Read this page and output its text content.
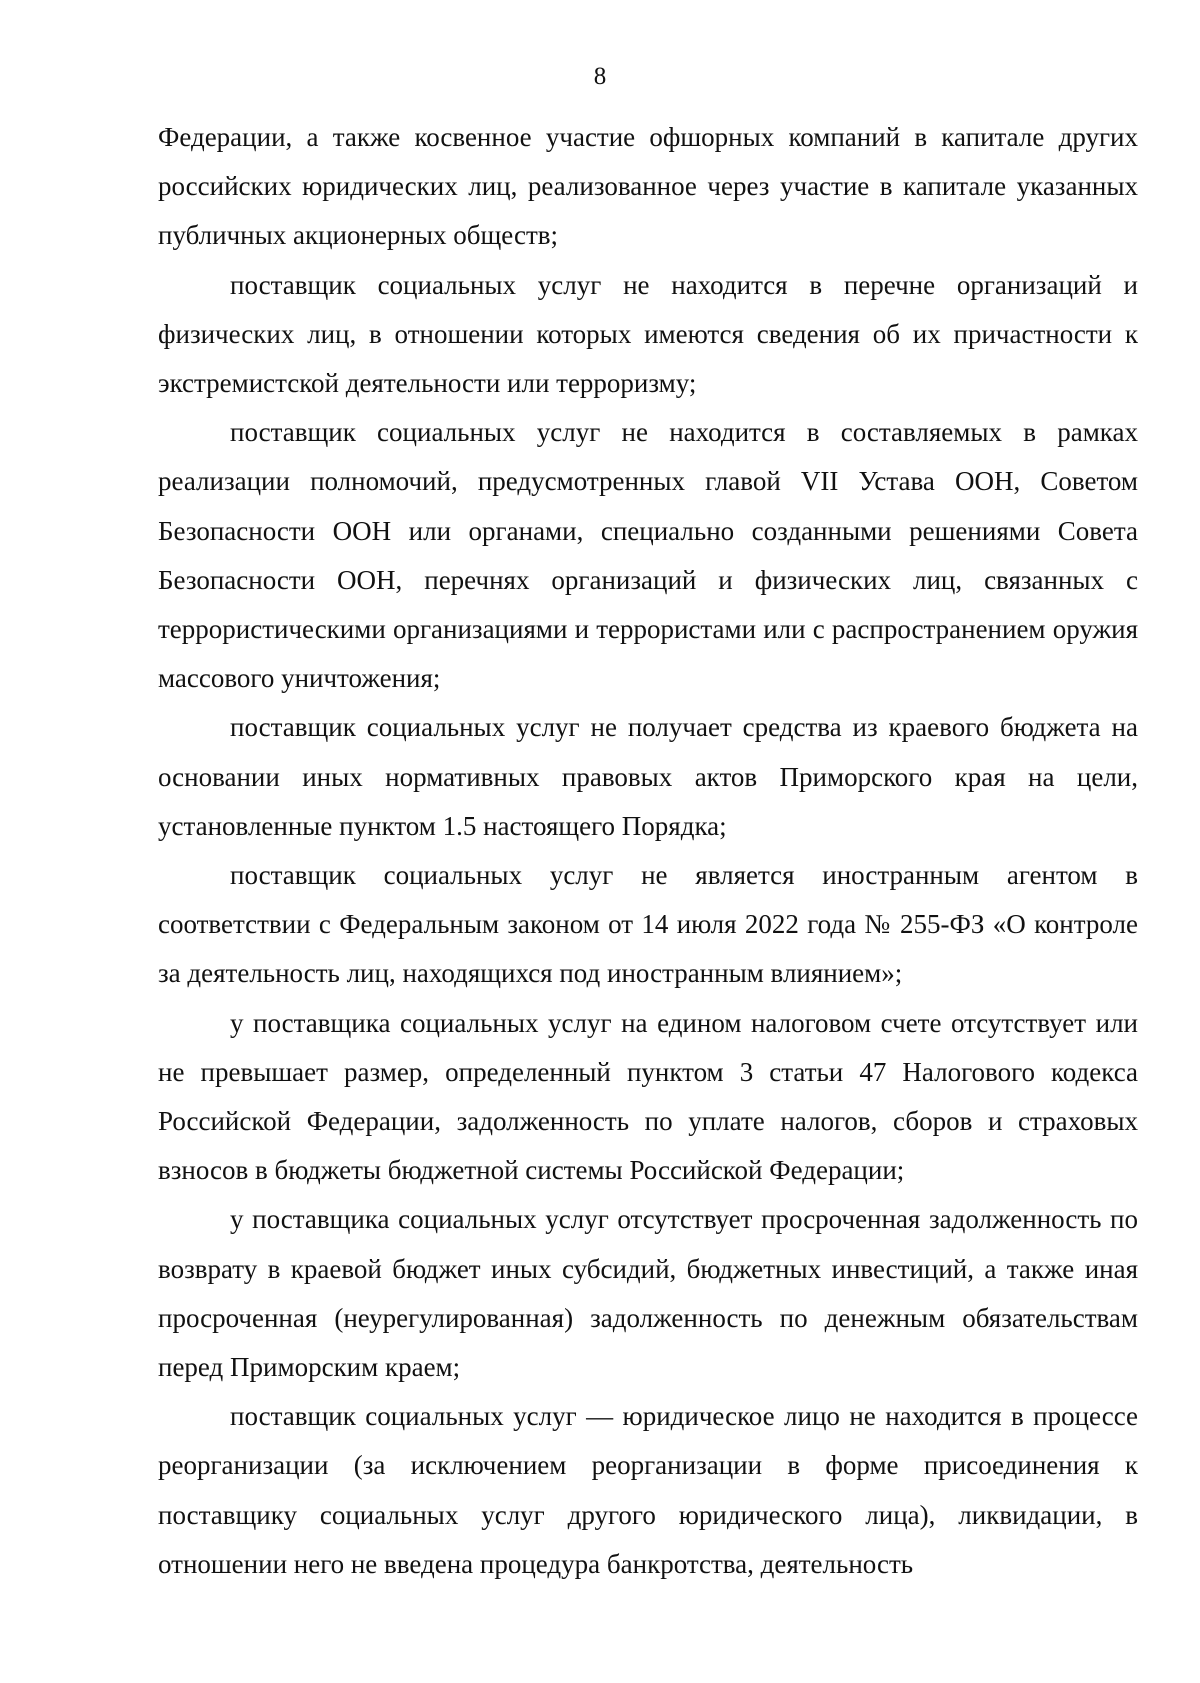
8

Федерации, а также косвенное участие офшорных компаний в капитале других российских юридических лиц, реализованное через участие в капитале указанных публичных акционерных обществ;

поставщик социальных услуг не находится в перечне организаций и физических лиц, в отношении которых имеются сведения об их причастности к экстремистской деятельности или терроризму;

поставщик социальных услуг не находится в составляемых в рамках реализации полномочий, предусмотренных главой VII Устава ООН, Советом Безопасности ООН или органами, специально созданными решениями Совета Безопасности ООН, перечнях организаций и физических лиц, связанных с террористическими организациями и террористами или с распространением оружия массового уничтожения;

поставщик социальных услуг не получает средства из краевого бюджета на основании иных нормативных правовых актов Приморского края на цели, установленные пунктом 1.5 настоящего Порядка;

поставщик социальных услуг не является иностранным агентом в соответствии с Федеральным законом от 14 июля 2022 года № 255-ФЗ «О контроле за деятельность лиц, находящихся под иностранным влиянием»;

у поставщика социальных услуг на едином налоговом счете отсутствует или не превышает размер, определенный пунктом 3 статьи 47 Налогового кодекса Российской Федерации, задолженность по уплате налогов, сборов и страховых взносов в бюджеты бюджетной системы Российской Федерации;

у поставщика социальных услуг отсутствует просроченная задолженность по возврату в краевой бюджет иных субсидий, бюджетных инвестиций, а также иная просроченная (неурегулированная) задолженность по денежным обязательствам перед Приморским краем;

поставщик социальных услуг — юридическое лицо не находится в процессе реорганизации (за исключением реорганизации в форме присоединения к поставщику социальных услуг другого юридического лица), ликвидации, в отношении него не введена процедура банкротства, деятельность
